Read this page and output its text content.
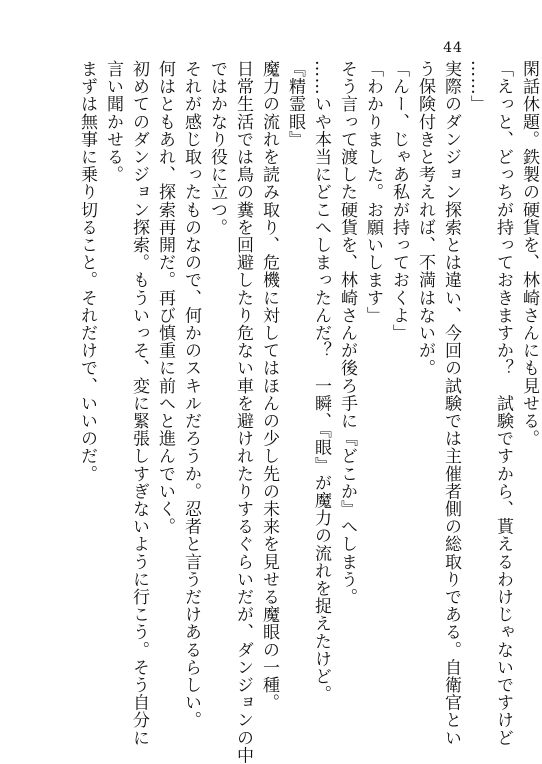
44
閑話休題。鉄製の硬貨を、林崎さんにも見せる。
「えっと、どっちが持っておきますか？　試験ですから、貰えるわけじゃないですけど
……」
実際のダンジョン探索とは違い、今回の試験では主催者側の総取りである。自衛官とい
う保険付きと考えれば、不満はないが。
「んー、じゃあ私が持っておくよ」
「わかりました。お願いします」
そう言って渡した硬貨を、林崎さんが後ろ手に『どこか』へしまう。
……いや本当にどこへしまったんだ？　一瞬、『眼』が魔力の流れを捉えたけど。
『精霊眼』
魔力の流れを読み取り、危機に対してはほんの少し先の未来を見せる魔眼の一種。
日常生活では鳥の糞を回避したり危ない車を避けれたりするぐらいだが、ダンジョンの中
ではかなり役に立つ。
それが感じ取ったものなので、何かのスキルだろうか。忍者と言うだけあるらしい。
何はともあれ、探索再開だ。再び慎重に前へと進んでいく。
初めてのダンジョン探索。もういっそ、変に緊張しすぎないように行こう。そう自分に
言い聞かせる。
まずは無事に乗り切ること。それだけで、いいのだ。
